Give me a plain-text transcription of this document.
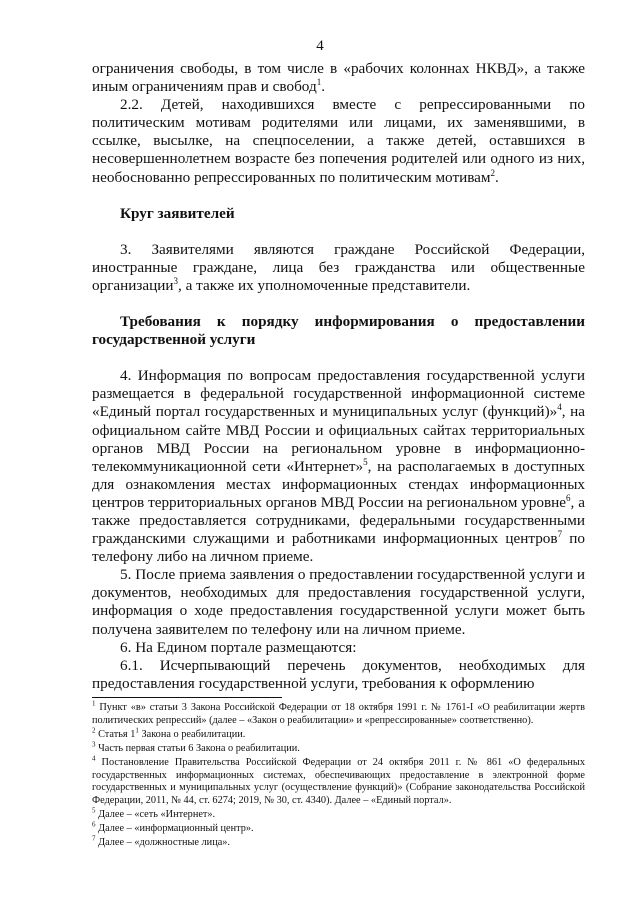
4

ограничения свободы, в том числе в «рабочих колоннах НКВД», а также иным ограничениям прав и свобод$^1$.

2.2. Детей, находившихся вместе с репрессированными по политическим мотивам родителями или лицами, их заменявшими, в ссылке, высылке, на спецпоселении, а также детей, оставшихся в несовершеннолетнем возрасте без попечения родителей или одного из них, необоснованно репрессированных по политическим мотивам$^2$.

Круг заявителей

3. Заявителями являются граждане Российской Федерации, иностранные граждане, лица без гражданства или общественные организации$^3$, а также их уполномоченные представители.

Требования к порядку информирования о предоставлении государственной услуги

4. Информация по вопросам предоставления государственной услуги размещается в федеральной государственной информационной системе «Единый портал государственных и муниципальных услуг (функций)»$^4$, на официальном сайте МВД России и официальных сайтах территориальных органов МВД России на региональном уровне в информационно-телекоммуникационной сети «Интернет»$^5$, на располагаемых в доступных для ознакомления местах информационных стендах информационных центров территориальных органов МВД России на региональном уровне$^6$, а также предоставляется сотрудниками, федеральными государственными гражданскими служащими и работниками информационных центров$^7$ по телефону либо на личном приеме.

5. После приема заявления о предоставлении государственной услуги и документов, необходимых для предоставления государственной услуги, информация о ходе предоставления государственной услуги может быть получена заявителем по телефону или на личном приеме.

6. На Едином портале размещаются:

6.1. Исчерпывающий перечень документов, необходимых для предоставления государственной услуги, требования к оформлению

$^1$ Пункт «в» статьи 3 Закона Российской Федерации от 18 октября 1991 г. № 1761-I «О реабилитации жертв политических репрессий» (далее – «Закон о реабилитации» и «репрессированные» соответственно).

$^2$ Статья $1^1$ Закона о реабилитации.

$^3$ Часть первая статьи 6 Закона о реабилитации.

$^4$ Постановление Правительства Российской Федерации от 24 октября 2011 г. № 861 «О федеральных государственных информационных системах, обеспечивающих предоставление в электронной форме государственных и муниципальных услуг (осуществление функций)» (Собрание законодательства Российской Федерации, 2011, № 44, ст. 6274; 2019, № 30, ст. 4340). Далее – «Единый портал».

$^5$ Далее – «сеть «Интернет».

$^6$ Далее – «информационный центр».

$^7$ Далее – «должностные лица».
